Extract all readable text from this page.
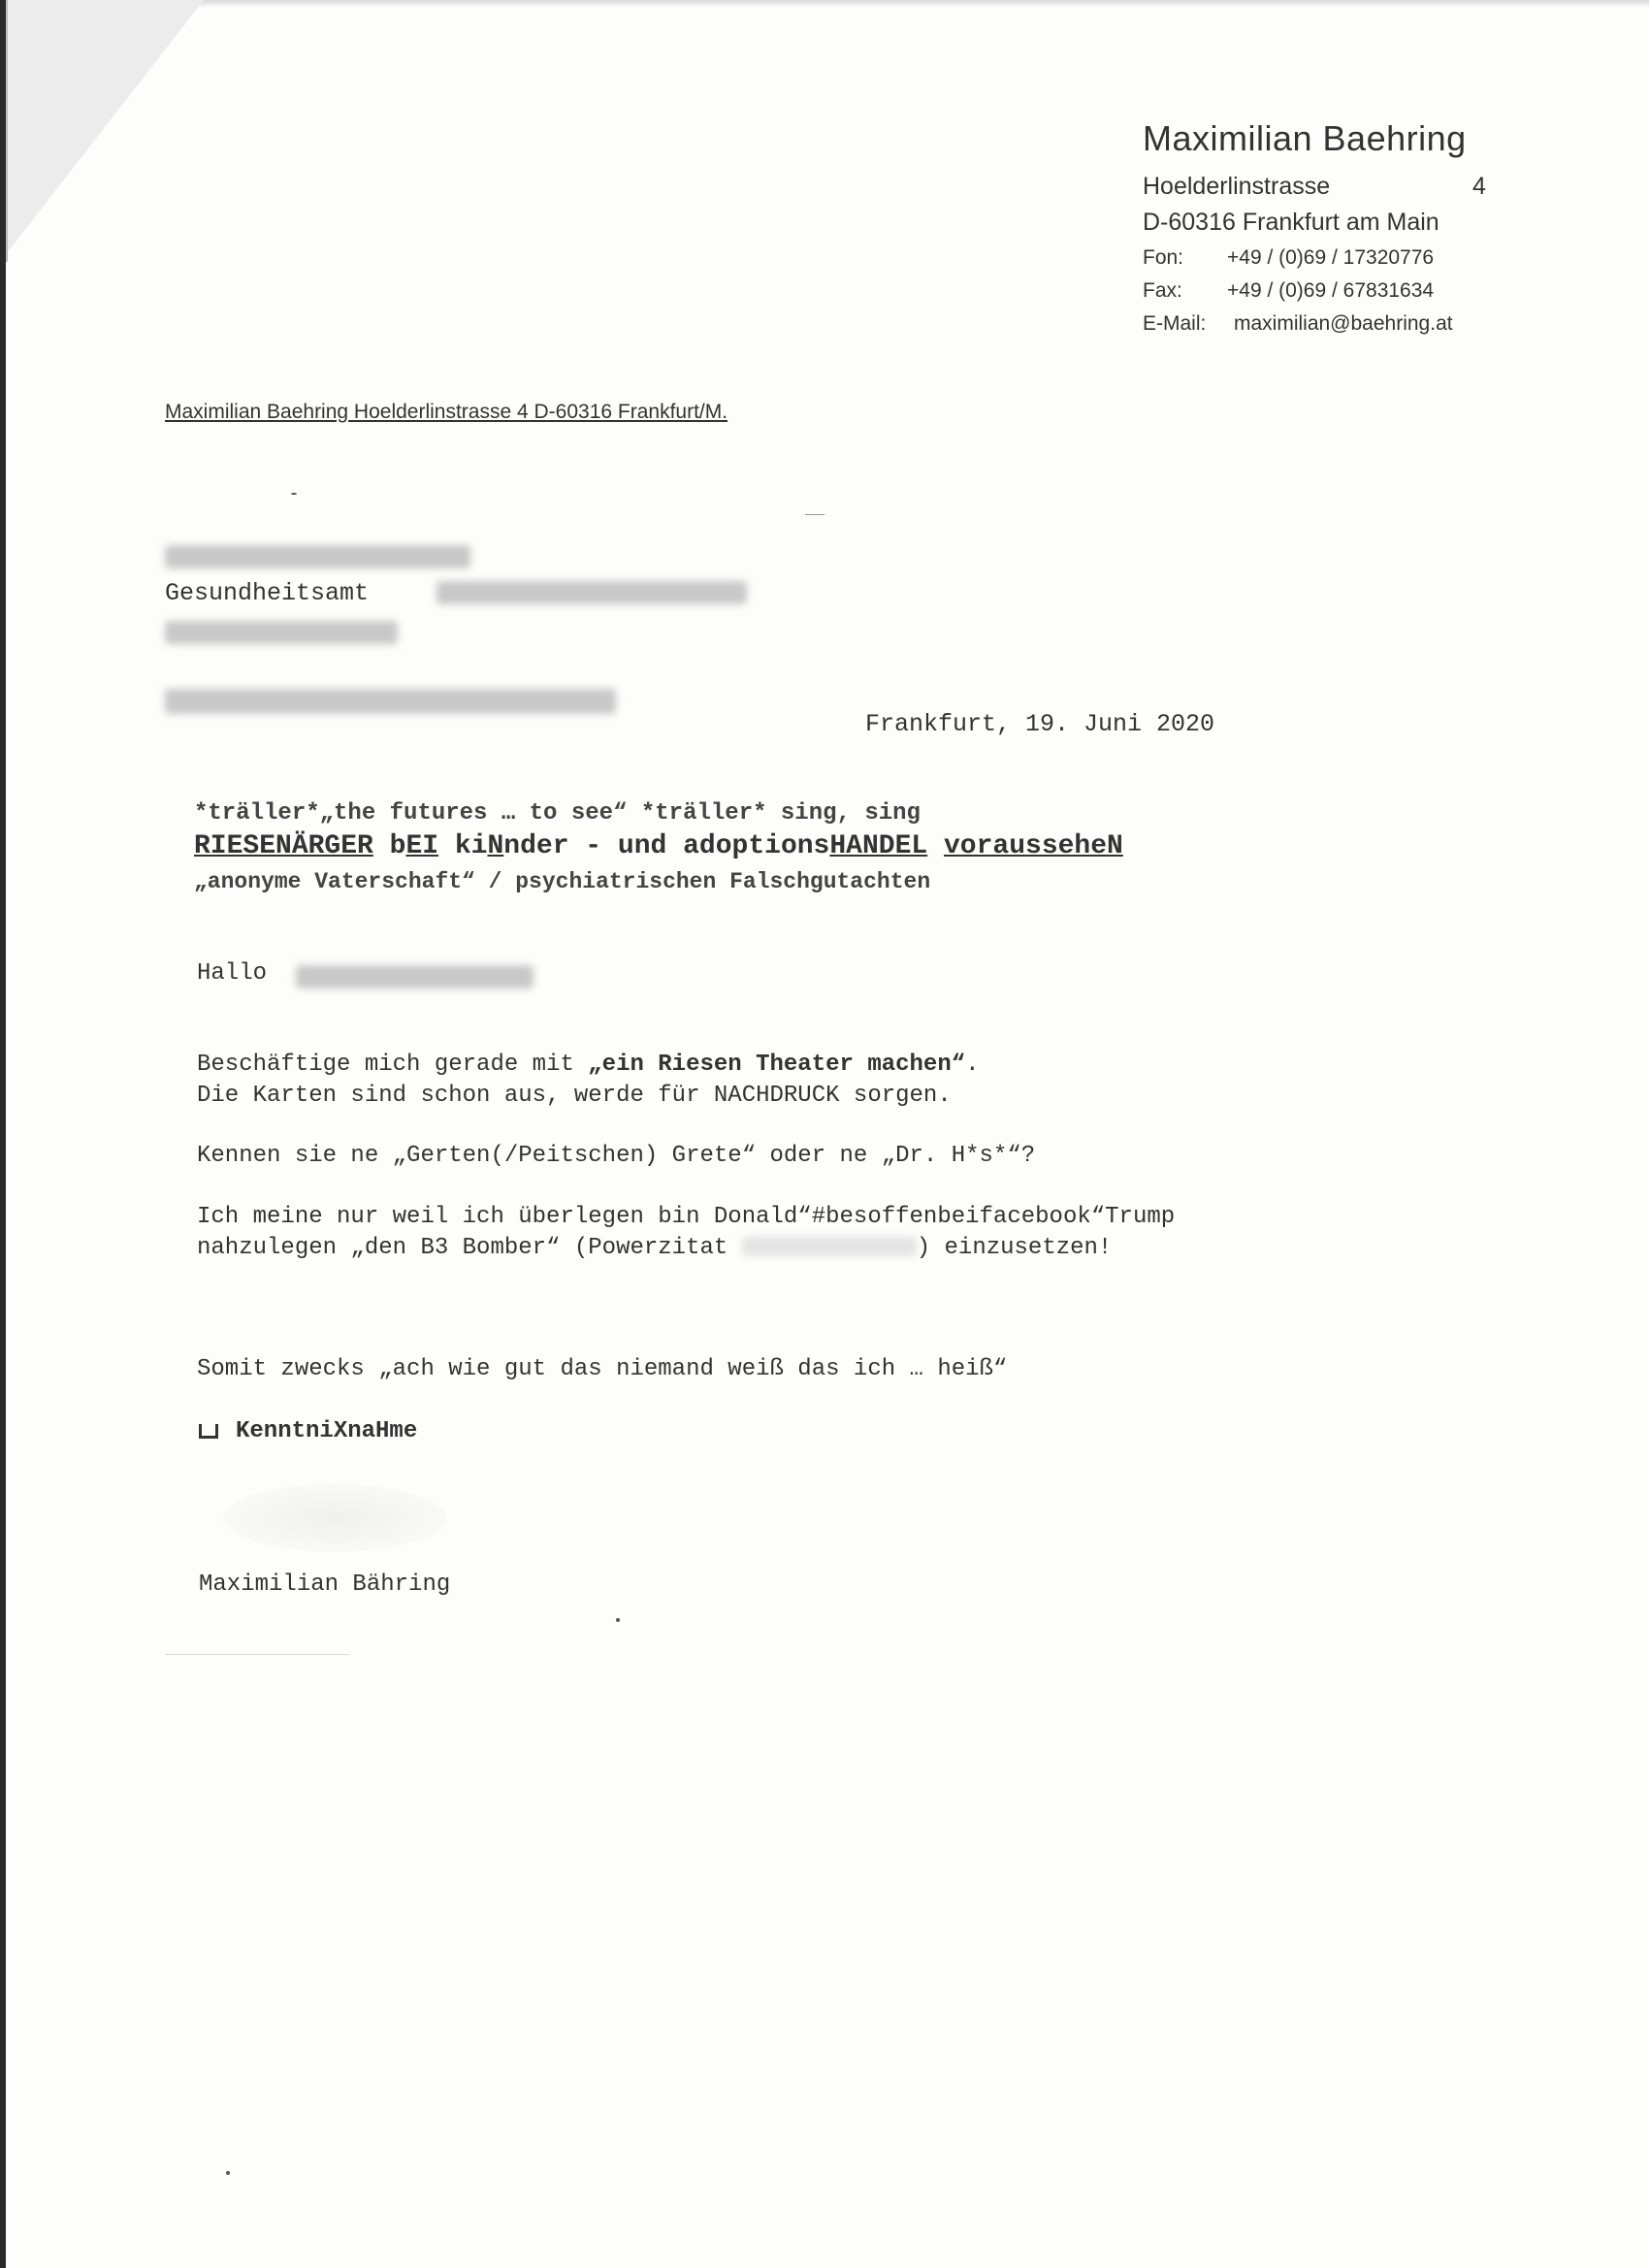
Maximilian Baehring
Hoelderlinstrasse	4
D-60316 Frankfurt am Main
Fon: +49 / (0)69 / 17320776
Fax: +49 / (0)69 / 67831634
E-Mail: maximilian@baehring.at
Maximilian Baehring Hoelderlinstrasse 4 D-60316 Frankfurt/M.
Gesundheitsamt
Frankfurt, 19. Juni 2020
*träller*„the futures … to see“ *träller* sing, sing
RIESENÄRGER bEI kiNnder - und adoptionsHANDEL vorausseheN
„anonyme Vaterschaft“ / psychiatrischen Falschgutachten
Hallo
Beschäftige mich gerade mit „ein Riesen Theater machen“.
Die Karten sind schon aus, werde für NACHDRUCK sorgen.
Kennen sie ne „Gerten(/Peitschen) Grete“ oder ne „Dr. H*s*“?
Ich meine nur weil ich überlegen bin Donald“#besoffenbeifacebook“Trump
nahzulegen „den B3 Bomber“ (Powerzitat	) einzusetzen!
Somit zwecks „ach wie gut das niemand weiß das ich … heiß“
KenntniXnaHme
Maximilian Bähring
